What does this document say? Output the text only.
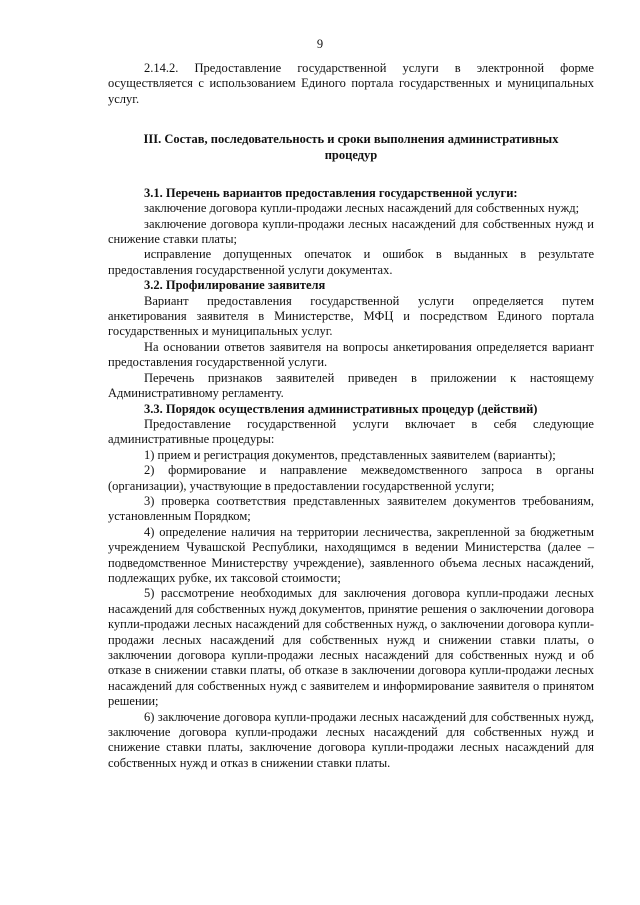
9

2.14.2. Предоставление государственной услуги в электронной форме осуществляется с использованием Единого портала государственных и муниципальных услуг.

III. Состав, последовательность и сроки выполнения административных процедур

3.1. Перечень вариантов предоставления государственной услуги:

заключение договора купли-продажи лесных насаждений для собственных нужд;

заключение договора купли-продажи лесных насаждений для собственных нужд и снижение ставки платы;

исправление допущенных опечаток и ошибок в выданных в результате предоставления государственной услуги документах.

3.2. Профилирование заявителя

Вариант предоставления государственной услуги определяется путем анкетирования заявителя в Министерстве, МФЦ и посредством Единого портала государственных и муниципальных услуг.

На основании ответов заявителя на вопросы анкетирования определяется вариант предоставления государственной услуги.

Перечень признаков заявителей приведен в приложении к настоящему Административному регламенту.

3.3. Порядок осуществления административных процедур (действий)

Предоставление государственной услуги включает в себя следующие административные процедуры:

1) прием и регистрация документов, представленных заявителем (варианты);

2) формирование и направление межведомственного запроса в органы (организации), участвующие в предоставлении государственной услуги;

3) проверка соответствия представленных заявителем документов требованиям, установленным Порядком;

4) определение наличия на территории лесничества, закрепленной за бюджетным учреждением Чувашской Республики, находящимся в ведении Министерства (далее – подведомственное Министерству учреждение), заявленного объема лесных насаждений, подлежащих рубке, их таксовой стоимости;

5) рассмотрение необходимых для заключения договора купли-продажи лесных насаждений для собственных нужд документов, принятие решения о заключении договора купли-продажи лесных насаждений для собственных нужд, о заключении договора купли-продажи лесных насаждений для собственных нужд и снижении ставки платы, о заключении договора купли-продажи лесных насаждений для собственных нужд и об отказе в снижении ставки платы, об отказе в заключении договора купли-продажи лесных насаждений для собственных нужд с заявителем и информирование заявителя о принятом решении;

6) заключение договора купли-продажи лесных насаждений для собственных нужд, заключение договора купли-продажи лесных насаждений для собственных нужд и снижение ставки платы, заключение договора купли-продажи лесных насаждений для собственных нужд и отказ в снижении ставки платы.
